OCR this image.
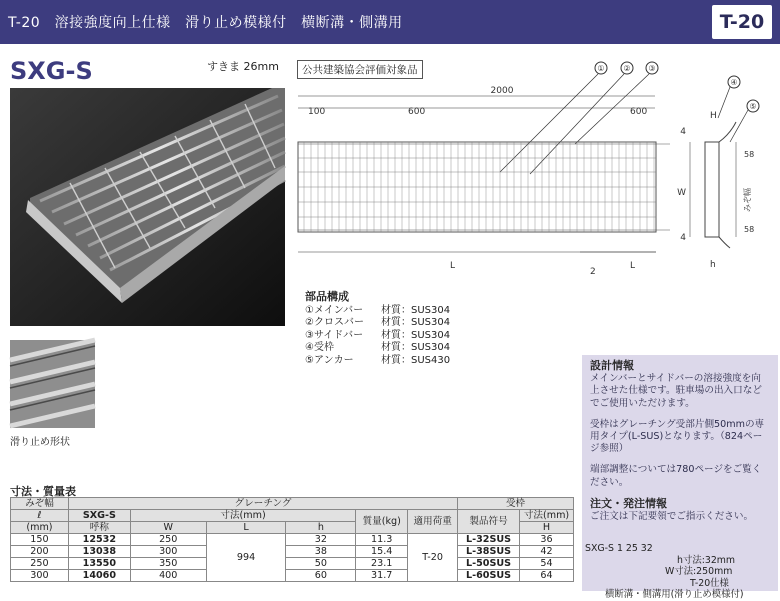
T-20　溶接強度向上仕様　滑り止め模様付　横断溝・側溝用	T-20
SXG-S	すきま 26mm	公共建築協会評価対象品
滑り止め形状
① ② ③
④
⑤
2000
100	600	600
L
2
L
W
4
4
H
h
58
58
みぞ幅
部品構成
①メインバー	材質：SUS304
②クロスバー	材質：SUS304
③サイドバー	材質：SUS304
④受枠	材質：SUS304
⑤アンカー	材質：SUS430	設計情報

メインバーとサイドバーの溶接強度を向上させた仕様です。駐車場の出入口などでご使用いただけます。

受枠はグレーチング受部片側50mmの専用タイプ(L-SUS)となります。（824ページ参照）

端部調整については780ページをご覧ください。

注文・発注情報
ご注文は下記要領でご指示ください。
SXG-S 1 25 32
h寸法:32mm
W寸法:250mm
T-20仕様
横断溝・側溝用(滑り止め模様付)
寸法・質量表
みぞ幅	グレーチング						受枠	
ℓ	SXG-S	寸法(mm)			質量(kg)	適用荷重	製品符号	寸法(mm)
(mm)	呼称	W	L	h				H
150	12532	250	994	32	11.3	T-20	L-32SUS	36
200	13038	300		38	15.4		L-38SUS	42
250	13550	350		50	23.1		L-50SUS	54
300	14060	400		60	31.7		L-60SUS	64
